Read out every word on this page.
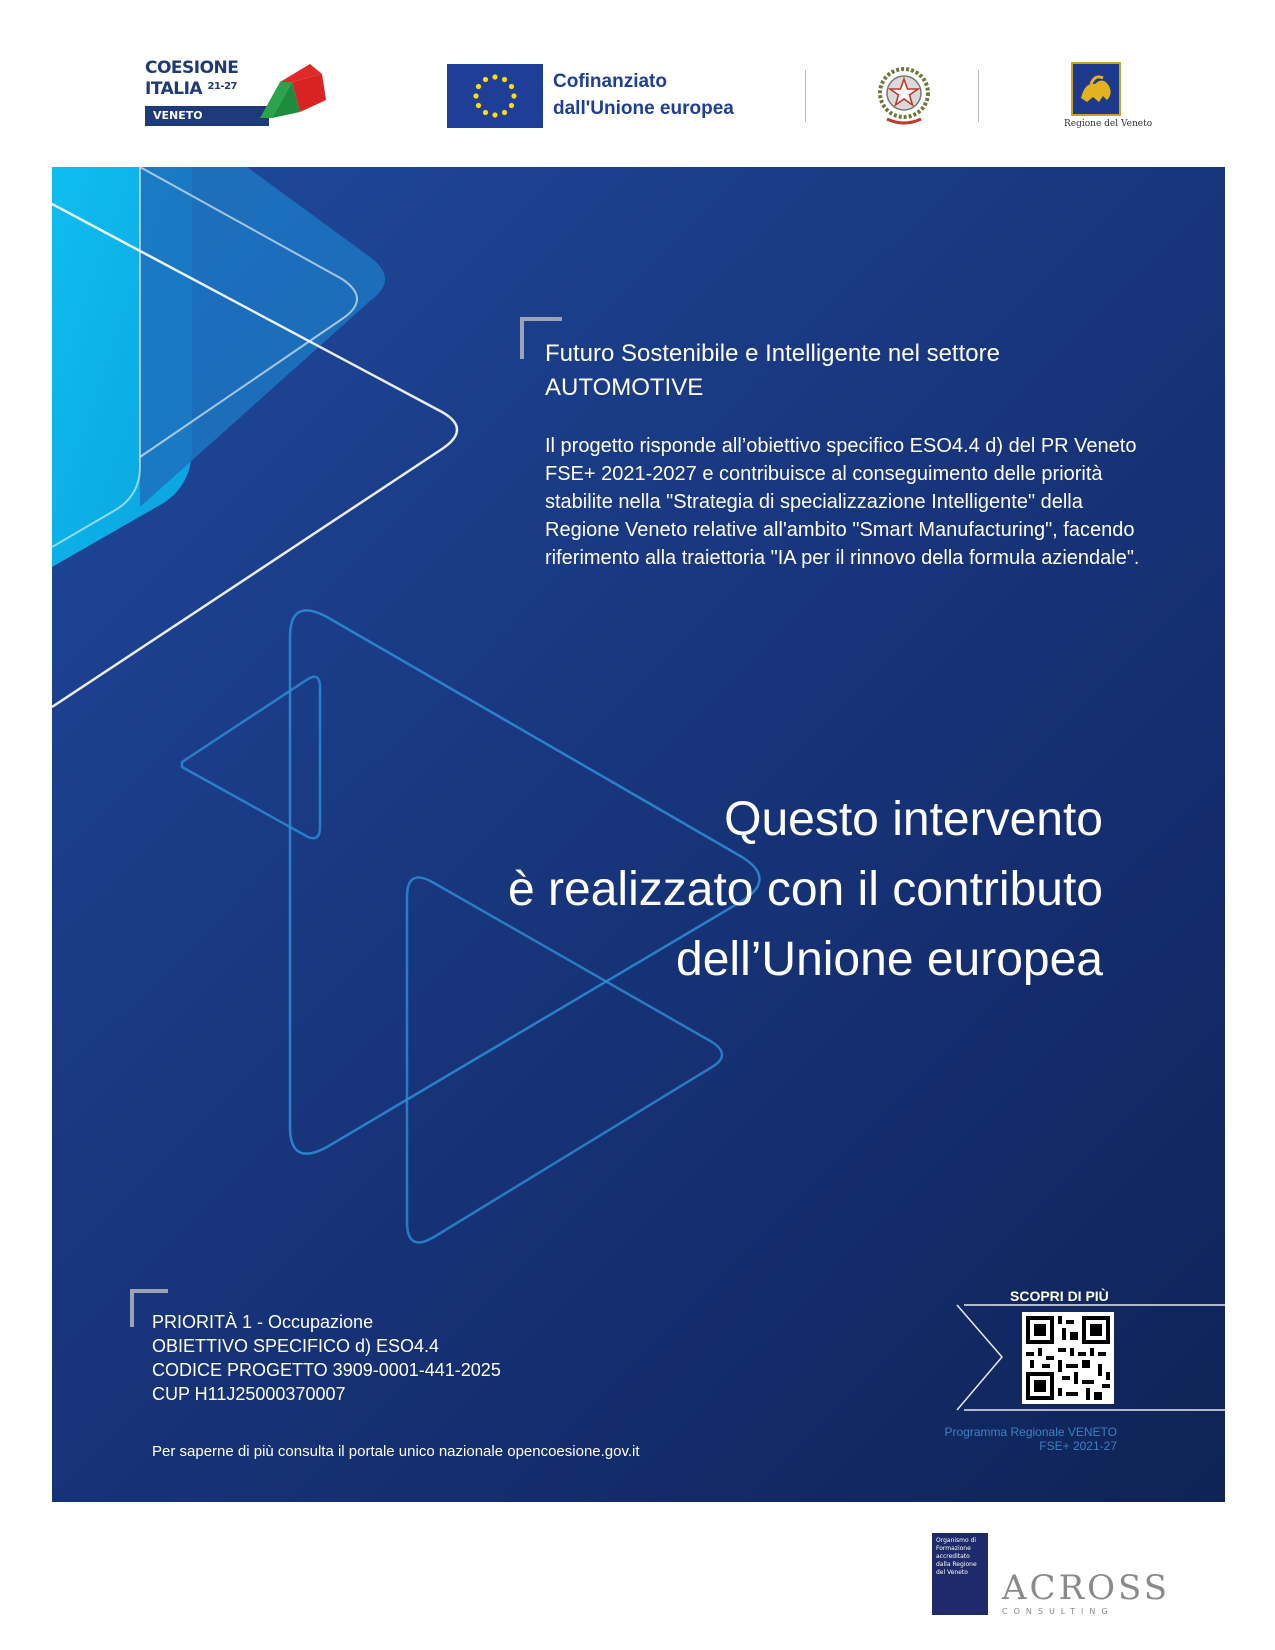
COESIONE
ITALIA $^{21-27}$
VENETO
Cofinanziato
dall'Unione europea
Regione del Veneto
Futuro Sostenibile e Intelligente nel settore
AUTOMOTIVE
Il progetto risponde all’obiettivo specifico ESO4.4 d) del PR Veneto FSE+ 2021-2027 e contribuisce al conseguimento delle priorità stabilite nella "Strategia di specializzazione Intelligente" della Regione Veneto relative all'ambito "Smart Manufacturing", facendo riferimento alla traiettoria "IA per il rinnovo della formula aziendale".
Questo intervento
è realizzato con il contributo
dell’Unione europea
PRIORITÀ 1 - Occupazione
OBIETTIVO SPECIFICO d) ESO4.4
CODICE PROGETTO 3909-0001-441-2025
CUP H11J25000370007
Per saperne di più consulta il portale unico nazionale opencoesione.gov.it
SCOPRI DI PIÙ
Programma Regionale VENETO
FSE+ 2021-27
Organismo di Formazione accreditato dalla Regione del Veneto	ACROSS
CONSULTING
